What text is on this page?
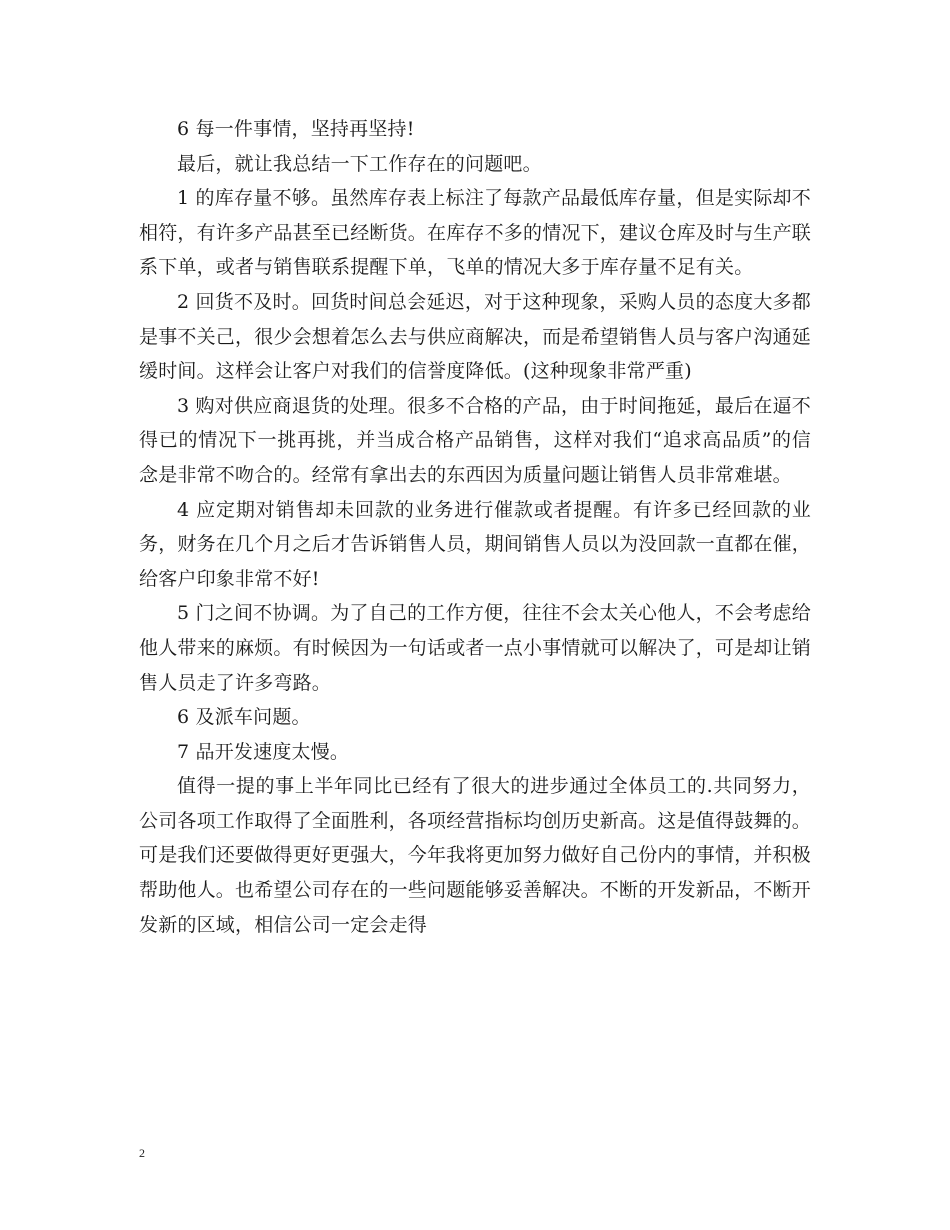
6 每一件事情，坚持再坚持!

最后，就让我总结一下工作存在的问题吧。

1 的库存量不够。虽然库存表上标注了每款产品最低库存量，但是实际却不相符，有许多产品甚至已经断货。在库存不多的情况下，建议仓库及时与生产联系下单，或者与销售联系提醒下单，飞单的情况大多于库存量不足有关。

2 回货不及时。回货时间总会延迟，对于这种现象，采购人员的态度大多都是事不关己，很少会想着怎么去与供应商解决，而是希望销售人员与客户沟通延缓时间。这样会让客户对我们的信誉度降低。(这种现象非常严重)

3 购对供应商退货的处理。很多不合格的产品，由于时间拖延，最后在逼不得已的情况下一挑再挑，并当成合格产品销售，这样对我们“追求高品质”的信念是非常不吻合的。经常有拿出去的东西因为质量问题让销售人员非常难堪。

4 应定期对销售却未回款的业务进行催款或者提醒。有许多已经回款的业务，财务在几个月之后才告诉销售人员，期间销售人员以为没回款一直都在催，给客户印象非常不好!

5 门之间不协调。为了自己的工作方便，往往不会太关心他人，不会考虑给他人带来的麻烦。有时候因为一句话或者一点小事情就可以解决了，可是却让销售人员走了许多弯路。

6 及派车问题。

7 品开发速度太慢。

值得一提的事上半年同比已经有了很大的进步通过全体员工的.共同努力，公司各项工作取得了全面胜利，各项经营指标均创历史新高。这是值得鼓舞的。可是我们还要做得更好更强大，今年我将更加努力做好自己份内的事情，并积极帮助他人。也希望公司存在的一些问题能够妥善解决。不断的开发新品，不断开发新的区域，相信公司一定会走得

2
